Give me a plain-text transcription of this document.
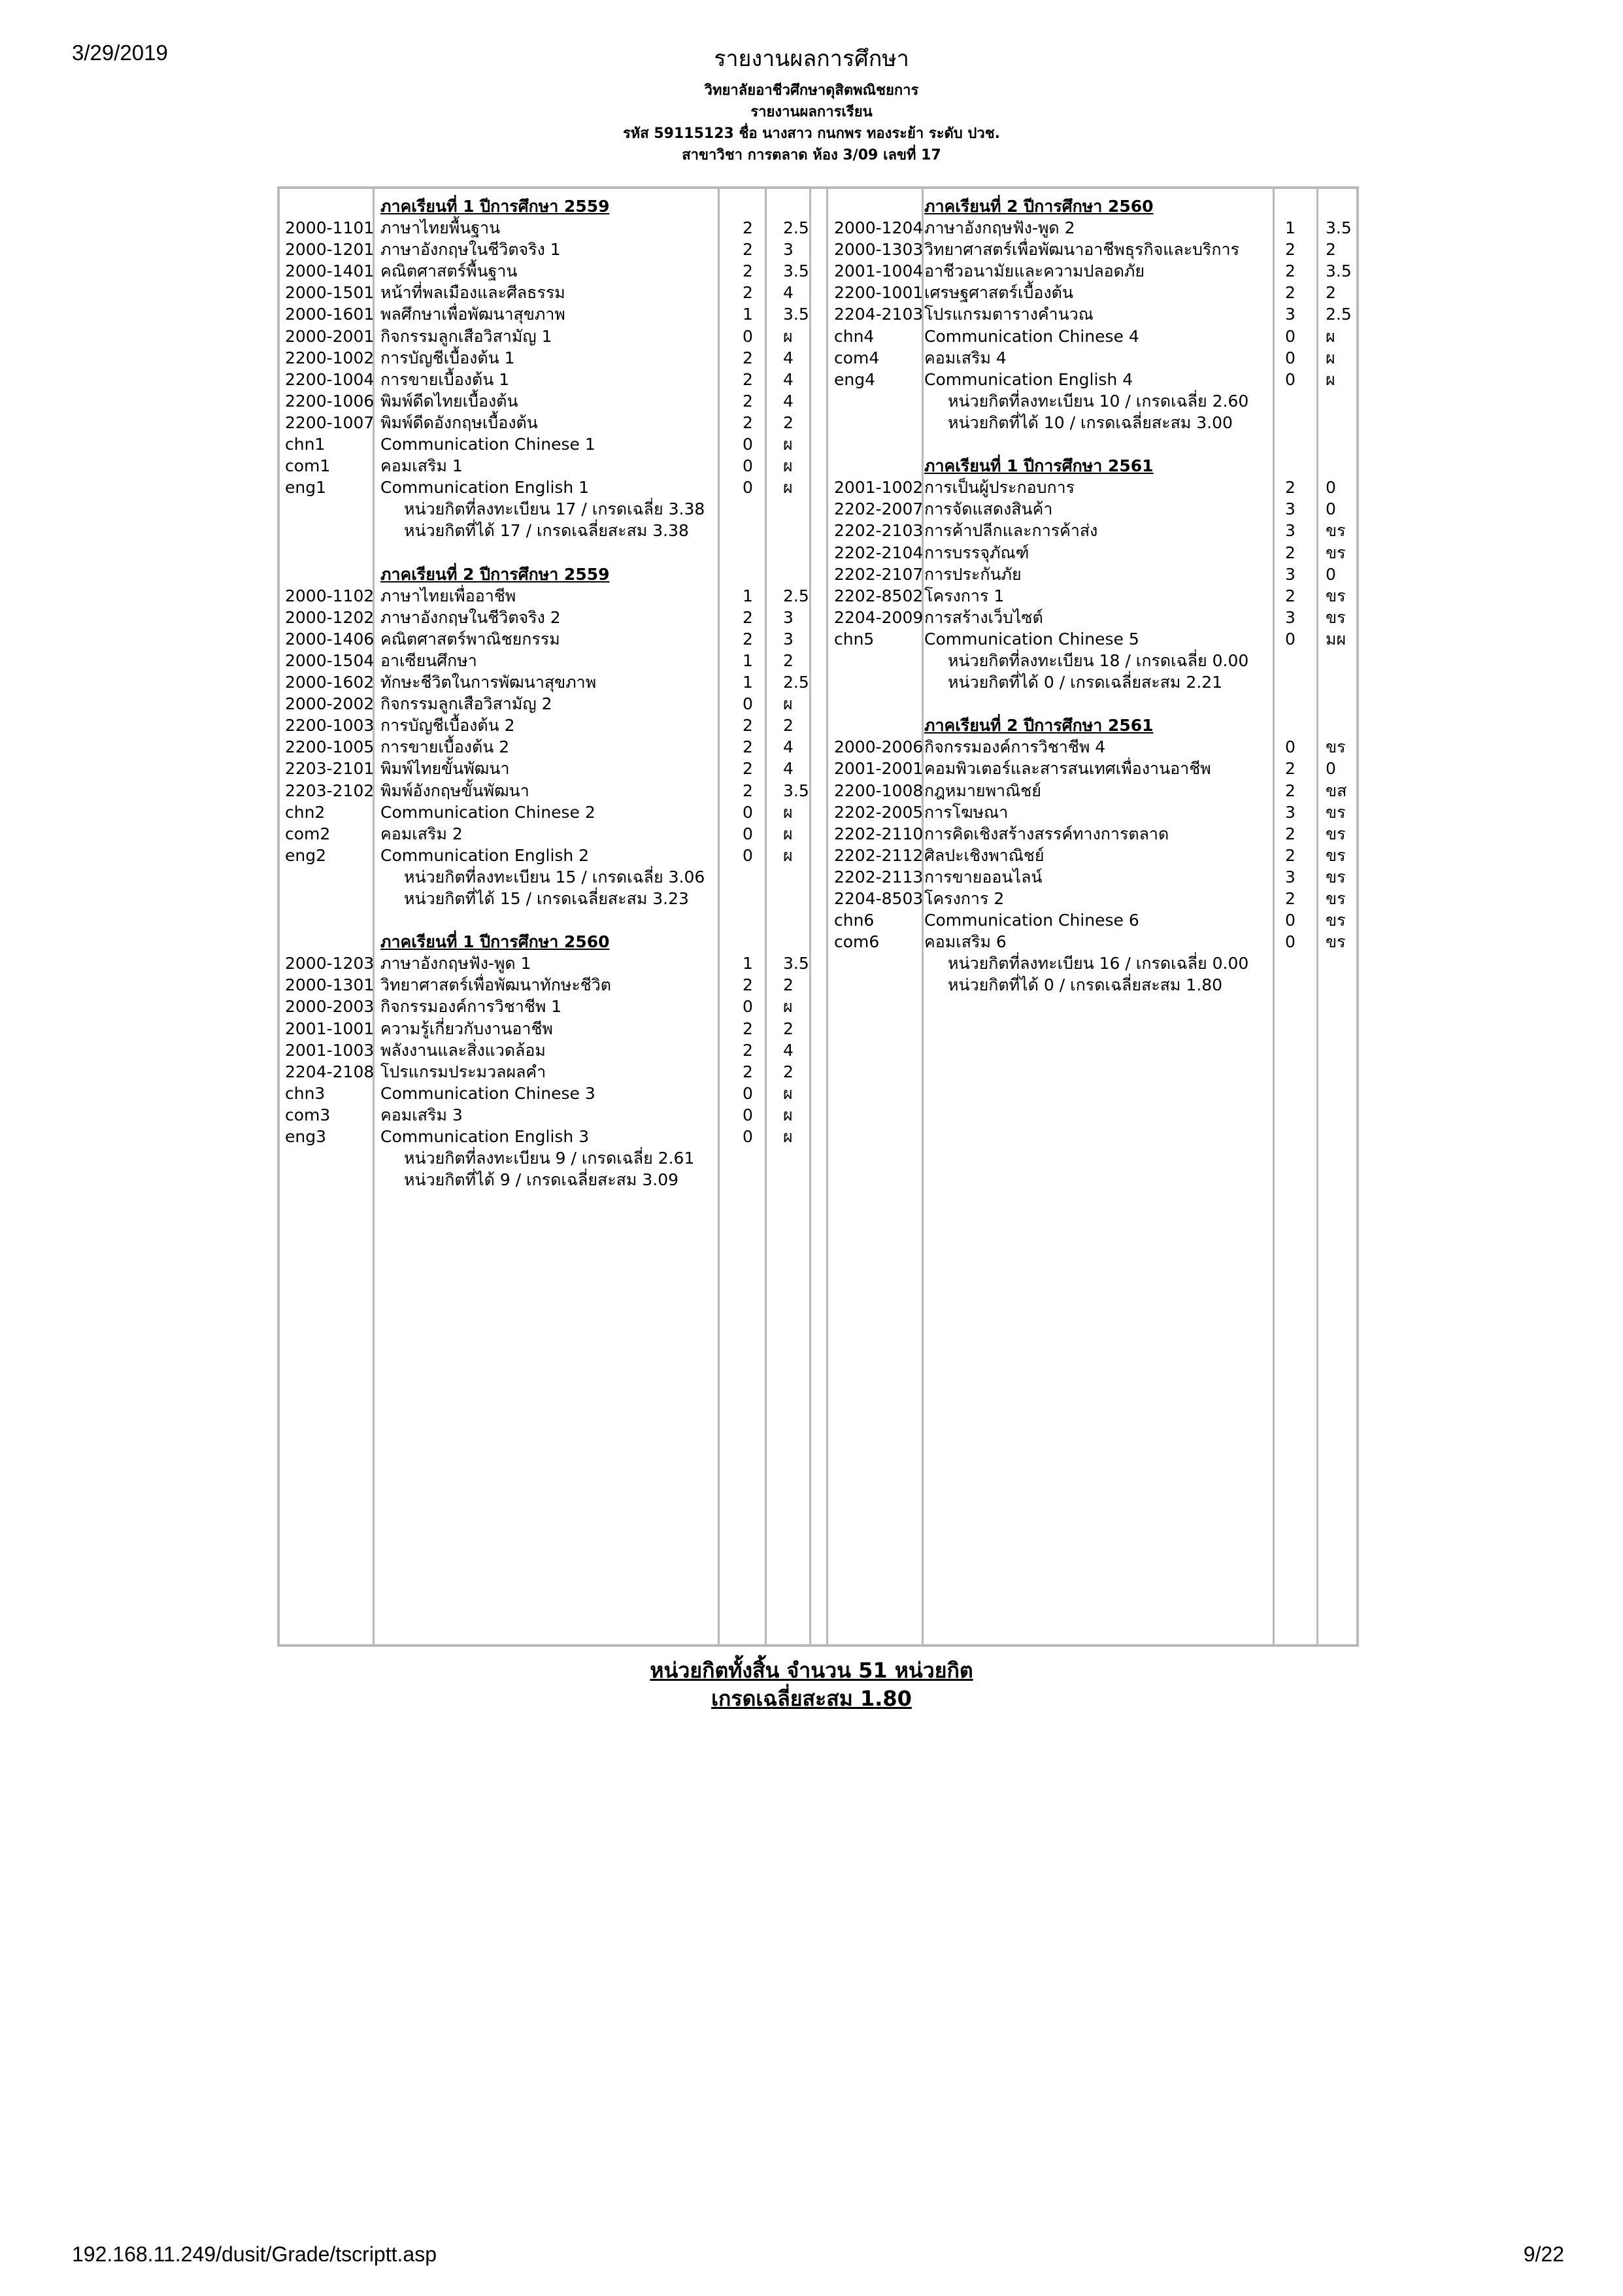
3/29/2019	รายงานผลการศึกษา
วิทยาลัยอาชีวศึกษาดุสิตพณิชยการ
รายงานผลการเรียน
รหัส 59115123 ชื่อ นางสาว กนกพร ทองระย้า ระดับ ปวช.
สาขาวิชา การตลาด ห้อง 3/09 เลขที่ 17
ภาคเรียนที่ 1 ปีการศึกษา 2559
2000-1101 ภาษาไทยพื้นฐาน	2 2.5
2000-1201 ภาษาอังกฤษในชีวิตจริง 1	2 3
2000-1401 คณิตศาสตร์พื้นฐาน	2 3.5
2000-1501 หน้าที่พลเมืองและศีลธรรม	2 4
2000-1601 พลศึกษาเพื่อพัฒนาสุขภาพ	1 3.5
2000-2001 กิจกรรมลูกเสือวิสามัญ 1	0 ผ
2200-1002 การบัญชีเบื้องต้น 1	2 4
2200-1004 การขายเบื้องต้น 1	2 4
2200-1006 พิมพ์ดีดไทยเบื้องต้น	2 4
2200-1007 พิมพ์ดีดอังกฤษเบื้องต้น	2 2
chn1	Communication Chinese 1	0 ผ
com1	คอมเสริม 1	0 ผ
eng1	Communication English 1	0 ผ
หน่วยกิตที่ลงทะเบียน 17 / เกรดเฉลี่ย 3.38
หน่วยกิตที่ได้ 17 / เกรดเฉลี่ยสะสม 3.38
ภาคเรียนที่ 2 ปีการศึกษา 2559
2000-1102 ภาษาไทยเพื่ออาชีพ	1 2.5
2000-1202 ภาษาอังกฤษในชีวิตจริง 2	2 3
2000-1406 คณิตศาสตร์พาณิชยกรรม	2 3
2000-1504 อาเซียนศึกษา	1 2
2000-1602 ทักษะชีวิตในการพัฒนาสุขภาพ	1 2.5
2000-2002 กิจกรรมลูกเสือวิสามัญ 2	0 ผ
2200-1003 การบัญชีเบื้องต้น 2	2 2
2200-1005 การขายเบื้องต้น 2	2 4
2203-2101 พิมพ์ไทยขั้นพัฒนา	2 4
2203-2102 พิมพ์อังกฤษขั้นพัฒนา	2 3.5
chn2	Communication Chinese 2	0 ผ
com2	คอมเสริม 2	0 ผ
eng2	Communication English 2	0 ผ
หน่วยกิตที่ลงทะเบียน 15 / เกรดเฉลี่ย 3.06
หน่วยกิตที่ได้ 15 / เกรดเฉลี่ยสะสม 3.23
ภาคเรียนที่ 1 ปีการศึกษา 2560
2000-1203 ภาษาอังกฤษฟัง-พูด 1	1 3.5
2000-1301 วิทยาศาสตร์เพื่อพัฒนาทักษะชีวิต	2 2
2000-2003 กิจกรรมองค์การวิชาชีพ 1	0 ผ
2001-1001 ความรู้เกี่ยวกับงานอาชีพ	2 2
2001-1003 พลังงานและสิ่งแวดล้อม	2 4
2204-2108 โปรแกรมประมวลผลคำ	2 2
chn3	Communication Chinese 3	0 ผ
com3	คอมเสริม 3	0 ผ
eng3	Communication English 3	0 ผ
หน่วยกิตที่ลงทะเบียน 9 / เกรดเฉลี่ย 2.61
หน่วยกิตที่ได้ 9 / เกรดเฉลี่ยสะสม 3.09
ภาคเรียนที่ 2 ปีการศึกษา 2560
2000-1204 ภาษาอังกฤษฟัง-พูด 2	1 3.5
2000-1303 วิทยาศาสตร์เพื่อพัฒนาอาชีพธุรกิจและบริการ	2 2
2001-1004 อาชีวอนามัยและความปลอดภัย	2 3.5
2200-1001 เศรษฐศาสตร์เบื้องต้น	2 2
2204-2103 โปรแกรมตารางคำนวณ	3 2.5
chn4	Communication Chinese 4	0 ผ
com4	คอมเสริม 4	0 ผ
eng4	Communication English 4	0 ผ
หน่วยกิตที่ลงทะเบียน 10 / เกรดเฉลี่ย 2.60
หน่วยกิตที่ได้ 10 / เกรดเฉลี่ยสะสม 3.00
ภาคเรียนที่ 1 ปีการศึกษา 2561
2001-1002 การเป็นผู้ประกอบการ	2 0
2202-2007 การจัดแสดงสินค้า	3 0
2202-2103 การค้าปลีกและการค้าส่ง	3 ขร
2202-2104 การบรรจุภัณฑ์	2 ขร
2202-2107 การประกันภัย	3 0
2202-8502 โครงการ 1	2 ขร
2204-2009 การสร้างเว็บไซต์	3 ขร
chn5	Communication Chinese 5	0 มผ
หน่วยกิตที่ลงทะเบียน 18 / เกรดเฉลี่ย 0.00
หน่วยกิตที่ได้ 0 / เกรดเฉลี่ยสะสม 2.21
ภาคเรียนที่ 2 ปีการศึกษา 2561
2000-2006 กิจกรรมองค์การวิชาชีพ 4	0 ขร
2001-2001 คอมพิวเตอร์และสารสนเทศเพื่องานอาชีพ	2 0
2200-1008 กฎหมายพาณิชย์	2 ขส
2202-2005 การโฆษณา	3 ขร
2202-2110 การคิดเชิงสร้างสรรค์ทางการตลาด	2 ขร
2202-2112 ศิลปะเชิงพาณิชย์	2 ขร
2202-2113 การขายออนไลน์	3 ขร
2204-8503 โครงการ 2	2 ขร
chn6	Communication Chinese 6	0 ขร
com6	คอมเสริม 6	0 ขร
หน่วยกิตที่ลงทะเบียน 16 / เกรดเฉลี่ย 0.00
หน่วยกิตที่ได้ 0 / เกรดเฉลี่ยสะสม 1.80
หน่วยกิตทั้งสิ้น จำนวน 51 หน่วยกิต
เกรดเฉลี่ยสะสม 1.80
192.168.11.249/dusit/Grade/tscriptt.asp	9/22
